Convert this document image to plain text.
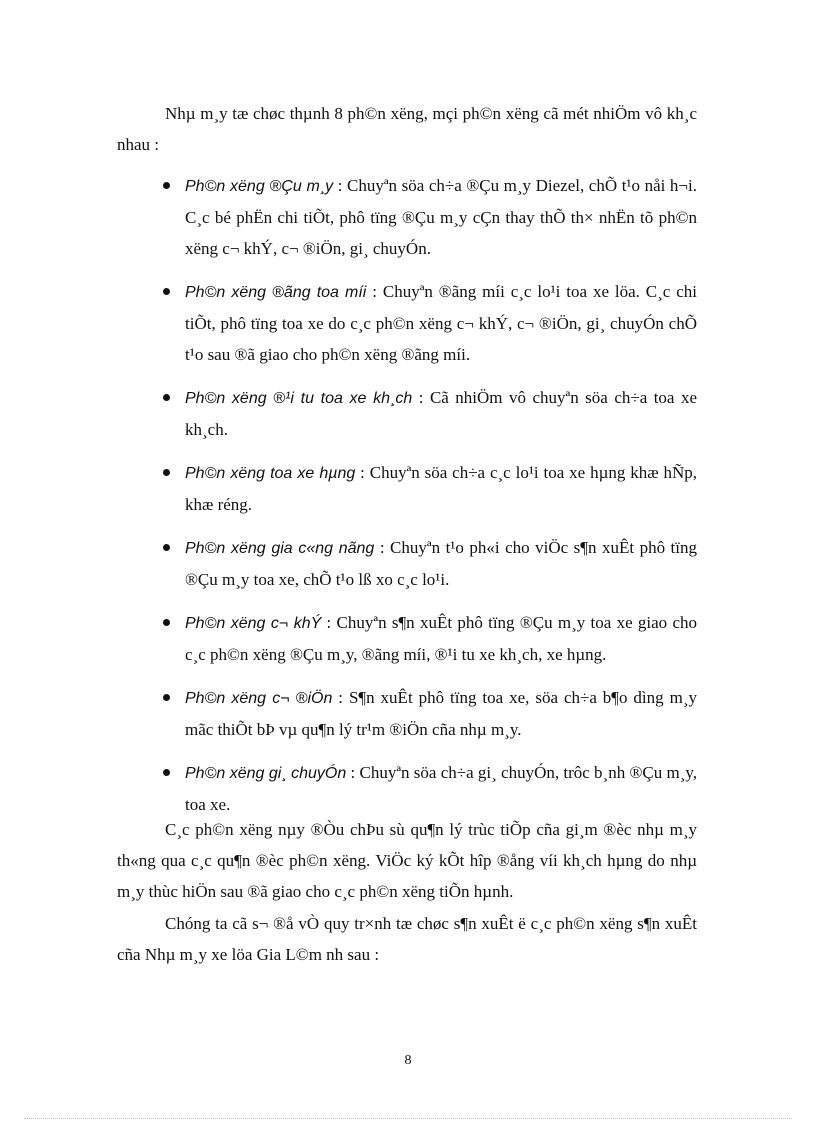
Nhµ m¸y tæ chøc thµnh 8 ph©n xëng, mçi ph©n xëng cã mét nhiÖm vô kh¸c nhau :

Ph©n xëng ®Çu m¸y : Chuyªn söa ch÷a ®Çu m¸y Diezel, chÕ t¹o nåi h¬i. C¸c bé phËn chi tiÕt, phô tïng ®Çu m¸y cÇn thay thÕ th× nhËn tõ ph©n xëng c¬ khÝ, c¬ ®iÖn, gi¸ chuyÓn.
Ph©n xëng ®ãng toa míi : Chuyªn ®ãng míi c¸c lo¹i toa xe löa. C¸c chi tiÕt, phô tïng toa xe do c¸c ph©n xëng c¬ khÝ, c¬ ®iÖn, gi¸ chuyÓn chÕ t¹o sau ®ã giao cho ph©n xëng ®ãng míi.
Ph©n xëng ®¹i tu toa xe kh¸ch : Cã nhiÖm vô chuyªn söa ch÷a toa xe kh¸ch.
Ph©n xëng toa xe hµng : Chuyªn söa ch÷a c¸c lo¹i toa xe hµng khæ hÑp, khæ réng.
Ph©n xëng gia c«ng nãng : Chuyªn t¹o ph«i cho viÖc s¶n xuÊt phô tïng ®Çu m¸y toa xe, chÕ t¹o lß xo c¸c lo¹i.
Ph©n xëng c¬ khÝ : Chuyªn s¶n xuÊt phô tïng ®Çu m¸y toa xe giao cho c¸c ph©n xëng ®Çu m¸y, ®ãng míi, ®¹i tu xe kh¸ch, xe hµng.
Ph©n xëng c¬ ®iÖn : S¶n xuÊt phô tïng toa xe, söa ch÷a b¶o dìng m¸y mãc thiÕt bÞ vµ qu¶n lý tr¹m ®iÖn cña nhµ m¸y.
Ph©n xëng gi¸ chuyÓn : Chuyªn söa ch÷a gi¸ chuyÓn, trôc b¸nh ®Çu m¸y, toa xe.

C¸c ph©n xëng nµy ®Òu chÞu sù qu¶n lý trùc tiÕp cña gi¸m ®èc nhµ m¸y th«ng qua c¸c qu¶n ®èc ph©n xëng. ViÖc ký kÕt hîp ®ång víi kh¸ch hµng do nhµ m¸y thùc hiÖn sau ®ã giao cho c¸c ph©n xëng tiÕn hµnh.

Chóng ta cã s¬ ®å vÒ quy tr×nh tæ chøc s¶n xuÊt ë c¸c ph©n xëng s¶n xuÊt cña Nhµ m¸y xe löa Gia L©m nh sau :

8
